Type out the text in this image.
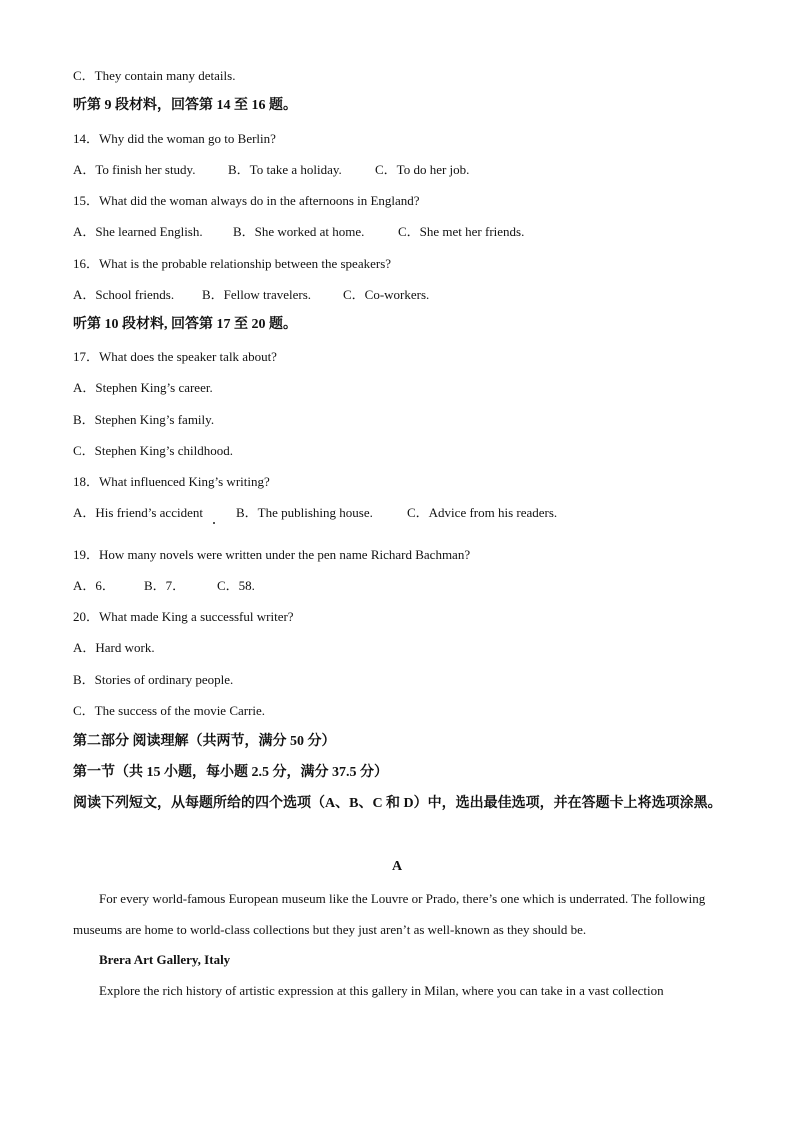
C．They contain many details.
听第 9 段材料，回答第 14 至 16 题。
14．Why did the woman go to Berlin?
A．To finish her study.	B．To take a holiday.	C．To do her job.
15．What did the woman always do in the afternoons in England?
A．She learned English. B．She worked at home.	C．She met her friends.
16．What is the probable relationship between the speakers?
A．School friends. B．Fellow travelers. C．Co-workers.
听第 10 段材料, 回答第 17 至 20 题。
17．What does the speaker talk about?
A．Stephen King’s career.
B．Stephen King’s family.
C．Stephen King’s childhood.
18．What influenced King’s writing?
A．His friend’s accident	B．The publishing house.	C．Advice from his readers.
19．How many novels were written under the pen name Richard Bachman?
A．6． B．7． C．58.
20．What made King a successful writer?
A．Hard work.
B．Stories of ordinary people.
C．The success of the movie Carrie.
第二部分 阅读理解（共两节，满分 50 分）
第一节（共 15 小题，每小题 2.5 分，满分 37.5 分）
阅读下列短文，从每题所给的四个选项（A、B、C 和 D）中，选出最佳选项，并在答题卡上将选项涂黑。
A
For every world-famous European museum like the Louvre or Prado, there’s one which is underrated. The following museums are home to world-class collections but they just aren’t as well-known as they should be.
Brera Art Gallery, Italy
Explore the rich history of artistic expression at this gallery in Milan, where you can take in a vast collection
